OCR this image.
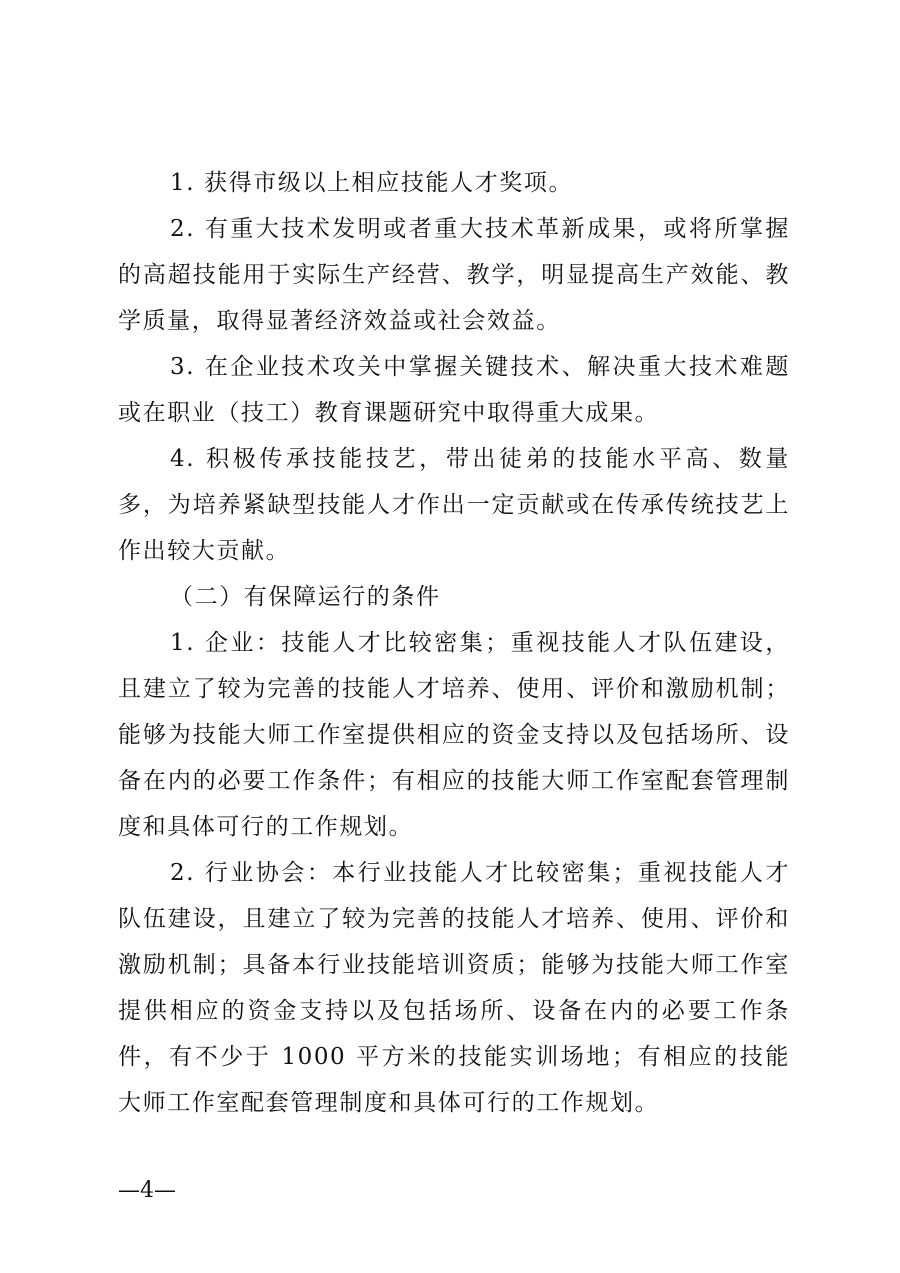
1. 获得市级以上相应技能人才奖项。

2. 有重大技术发明或者重大技术革新成果，或将所掌握的高超技能用于实际生产经营、教学，明显提高生产效能、教学质量，取得显著经济效益或社会效益。

3. 在企业技术攻关中掌握关键技术、解决重大技术难题或在职业（技工）教育课题研究中取得重大成果。

4. 积极传承技能技艺，带出徒弟的技能水平高、数量多，为培养紧缺型技能人才作出一定贡献或在传承传统技艺上作出较大贡献。

（二）有保障运行的条件

1. 企业：技能人才比较密集；重视技能人才队伍建设，且建立了较为完善的技能人才培养、使用、评价和激励机制；能够为技能大师工作室提供相应的资金支持以及包括场所、设备在内的必要工作条件；有相应的技能大师工作室配套管理制度和具体可行的工作规划。

2. 行业协会：本行业技能人才比较密集；重视技能人才队伍建设，且建立了较为完善的技能人才培养、使用、评价和激励机制；具备本行业技能培训资质；能够为技能大师工作室提供相应的资金支持以及包括场所、设备在内的必要工作条件，有不少于 1000 平方米的技能实训场地；有相应的技能大师工作室配套管理制度和具体可行的工作规划。

—4—
